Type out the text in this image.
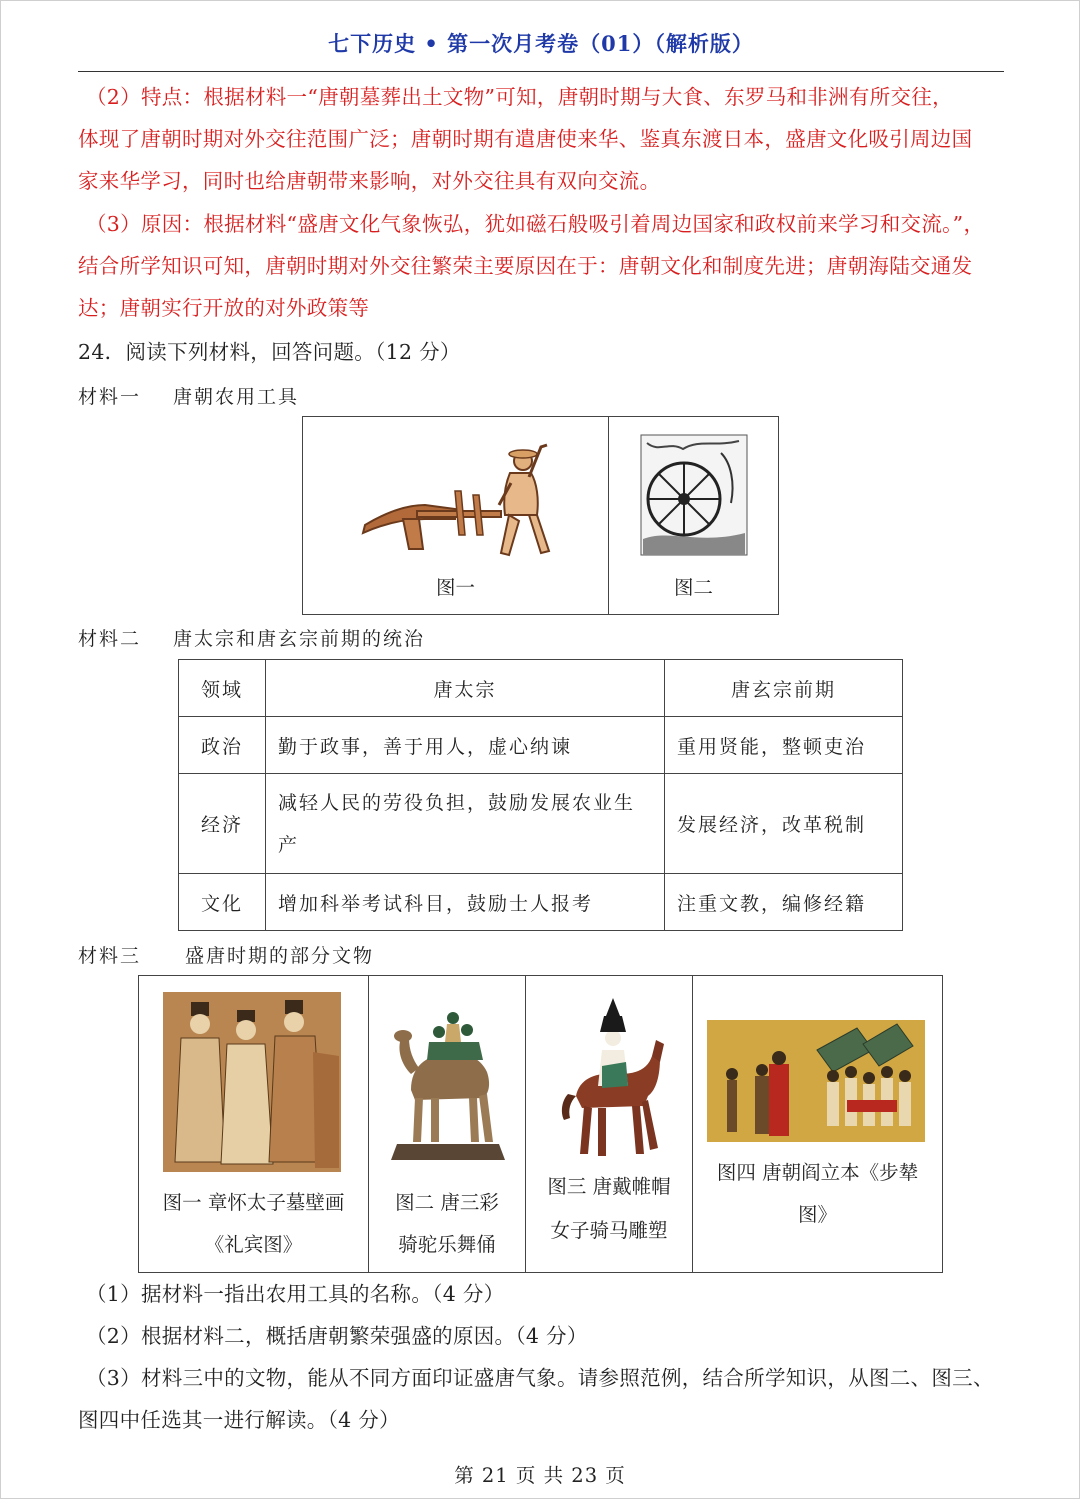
七下历史 • 第一次月考卷（01）（解析版）
（2）特点：根据材料一“唐朝墓葬出土文物”可知，唐朝时期与大食、东罗马和非洲有所交往，
体现了唐朝时期对外交往范围广泛；唐朝时期有遣唐使来华、鉴真东渡日本，盛唐文化吸引周边国
家来华学习，同时也给唐朝带来影响，对外交往具有双向交流。
（3）原因：根据材料“盛唐文化气象恢弘，犹如磁石般吸引着周边国家和政权前来学习和交流。”，
结合所学知识可知，唐朝时期对外交往繁荣主要原因在于：唐朝文化和制度先进；唐朝海陆交通发
达；唐朝实行开放的对外政策等
24．阅读下列材料，回答问题。（12 分）
材料一 唐朝农用工具
图一	图二
材料二 唐太宗和唐玄宗前期的统治
领域	唐太宗	唐玄宗前期
政治	勤于政事，善于用人，虚心纳谏	重用贤能，整顿吏治
经济	减轻人民的劳役负担，鼓励发展农业生产	发展经济，改革税制
文化	增加科举考试科目，鼓励士人报考	注重文教，编修经籍
材料三 盛唐时期的部分文物
图一 章怀太子墓壁画
《礼宾图》
图二 唐三彩
骑驼乐舞俑
图三 唐戴帷帽
女子骑马雕塑
图四 唐朝阎立本《步辇
图》
（1）据材料一指出农用工具的名称。（4 分）
（2）根据材料二，概括唐朝繁荣强盛的原因。（4 分）
（3）材料三中的文物，能从不同方面印证盛唐气象。请参照范例，结合所学知识，从图二、图三、
图四中任选其一进行解读。（4 分）
第 21 页 共 23 页
